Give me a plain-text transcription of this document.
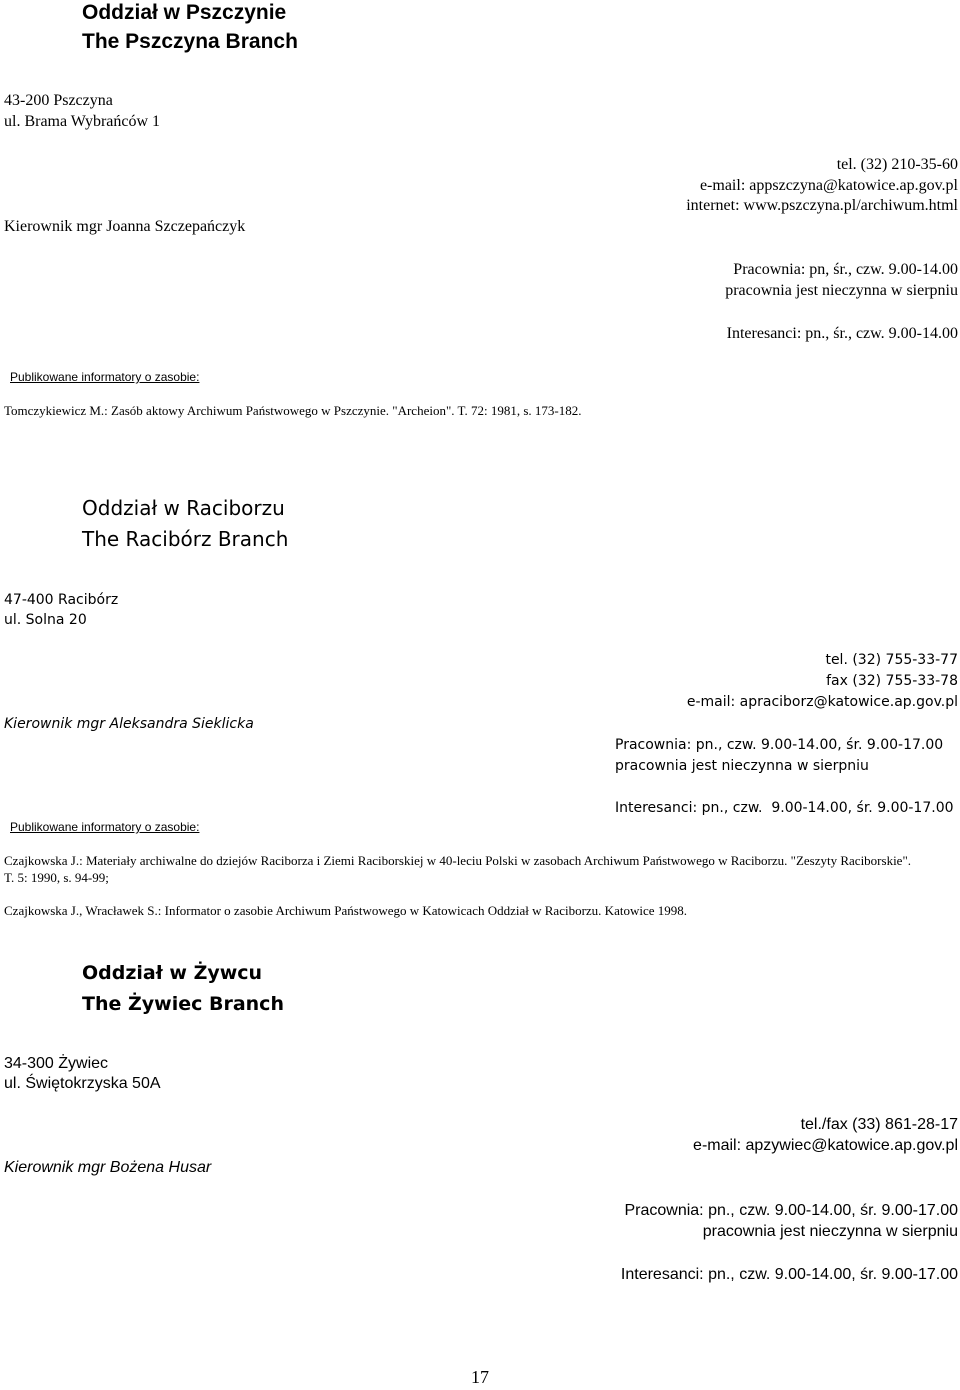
Oddział w Pszczynie
The Pszczyna Branch
43-200 Pszczyna
ul. Brama Wybrańców 1
tel. (32) 210-35-60
e-mail: appszczyna@katowice.ap.gov.pl
internet: www.pszczyna.pl/archiwum.html
Kierownik mgr Joanna Szczepańczyk
Pracownia: pn, śr., czw. 9.00-14.00
pracownia jest nieczynna w sierpniu
Interesanci: pn., śr., czw. 9.00-14.00
Publikowane informatory o zasobie:
Tomczykiewicz M.: Zasób aktowy Archiwum Państwowego w Pszczynie. "Archeion". T. 72: 1981, s. 173-182.
Oddział w Raciborzu
The Racibórz Branch
47-400 Racibórz
ul. Solna 20
tel. (32) 755-33-77
fax (32) 755-33-78
e-mail: apraciborz@katowice.ap.gov.pl
Kierownik mgr Aleksandra Sieklicka
Pracownia: pn., czw. 9.00-14.00, śr. 9.00-17.00
pracownia jest nieczynna w sierpniu
Interesanci: pn., czw.  9.00-14.00, śr. 9.00-17.00
Publikowane informatory o zasobie:
Czajkowska J.: Materiały archiwalne do dziejów Raciborza i Ziemi Raciborskiej w 40-leciu Polski w zasobach Archiwum Państwowego w Raciborzu. "Zeszyty Raciborskie". T. 5: 1990, s. 94-99;
Czajkowska J., Wracławek S.: Informator o zasobie Archiwum Państwowego w Katowicach Oddział w Raciborzu. Katowice 1998.
Oddział w Żywcu
The Żywiec Branch
34-300 Żywiec
ul. Świętokrzyska 50A
tel./fax (33) 861-28-17
e-mail: apzywiec@katowice.ap.gov.pl
Kierownik mgr Bożena Husar
Pracownia: pn., czw. 9.00-14.00, śr. 9.00-17.00
pracownia jest nieczynna w sierpniu
Interesanci: pn., czw. 9.00-14.00, śr. 9.00-17.00
17
